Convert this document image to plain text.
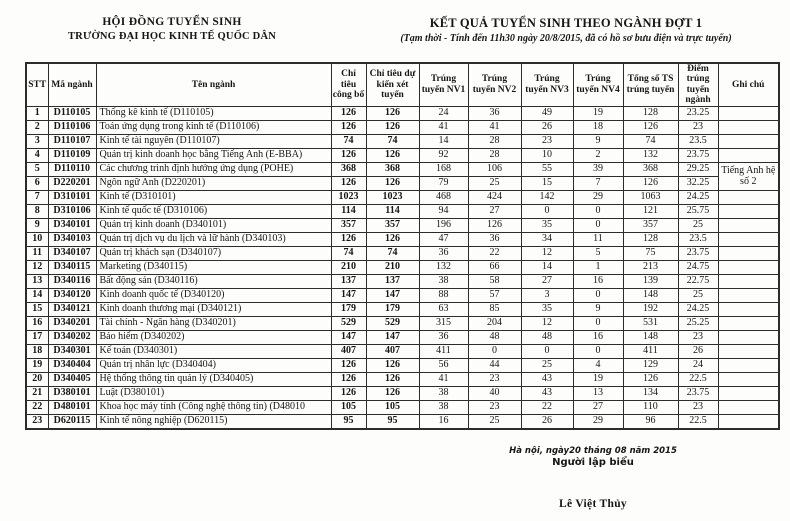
HỘI ĐỒNG TUYỂN SINH
TRƯỜNG ĐẠI HỌC KINH TẾ QUỐC DÂN
KẾT QUẢ TUYỂN SINH THEO NGÀNH ĐỢT 1
(Tạm thời - Tính đến 11h30 ngày 20/8/2015, đã có hồ sơ bưu điện và trực tuyến)
STT	Mã ngành	Tên ngành	Chỉ tiêu công bố	Chỉ tiêu dự kiến xét tuyển	Trúng tuyển NV1	Trúng tuyển NV2	Trúng tuyển NV3	Trúng tuyển NV4	Tổng số TS trúng tuyển	Điểm trúng tuyển ngành	Ghi chú
1	D110105	Thống kê kinh tế (D110105)	126	126	24	36	49	19	128	23.25	
2	D110106	Toán ứng dụng trong kinh tế (D110106)	126	126	41	41	26	18	126	23	
3	D110107	Kinh tế tài nguyên (D110107)	74	74	14	28	23	9	74	23.5	
4	D110109	Quản trị kinh doanh học bằng Tiếng Anh (E-BBA)	126	126	92	28	10	2	132	23.75	
5	D110110	Các chương trình định hướng ứng dụng (POHE)	368	368	168	106	55	39	368	29.25	Tiếng Anh hệ số 2
6	D220201	Ngôn ngữ Anh (D220201)	126	126	79	25	15	7	126	32.25	
7	D310101	Kinh tế (D310101)	1023	1023	468	424	142	29	1063	24.25	
8	D310106	Kinh tế quốc tế (D310106)	114	114	94	27	0	0	121	25.75	
9	D340101	Quản trị kinh doanh (D340101)	357	357	196	126	35	0	357	25	
10	D340103	Quản trị dịch vụ du lịch và lữ hành (D340103)	126	126	47	36	34	11	128	23.5	
11	D340107	Quản trị khách sạn (D340107)	74	74	36	22	12	5	75	23.75	
12	D340115	Marketing (D340115)	210	210	132	66	14	1	213	24.75	
13	D340116	Bất động sản (D340116)	137	137	38	58	27	16	139	22.75	
14	D340120	Kinh doanh quốc tế (D340120)	147	147	88	57	3	0	148	25	
15	D340121	Kinh doanh thương mại (D340121)	179	179	63	85	35	9	192	24.25	
16	D340201	Tài chính - Ngân hàng (D340201)	529	529	315	204	12	0	531	25.25	
17	D340202	Bảo hiểm (D340202)	147	147	36	48	48	16	148	23	
18	D340301	Kế toán (D340301)	407	407	411	0	0	0	411	26	
19	D340404	Quản trị nhân lực (D340404)	126	126	56	44	25	4	129	24	
20	D340405	Hệ thống thông tin quản lý (D340405)	126	126	41	23	43	19	126	22.5	
21	D380101	Luật (D380101)	126	126	38	40	43	13	134	23.75	
22	D480101	Khoa học máy tính (Công nghệ thông tin) (D48010	105	105	38	23	22	27	110	23	
23	D620115	Kinh tế nông nghiệp (D620115)	95	95	16	25	26	29	96	22.5	
Hà nội, ngày20 tháng 08 năm 2015
Người lập biểu
Lê Việt Thủy
